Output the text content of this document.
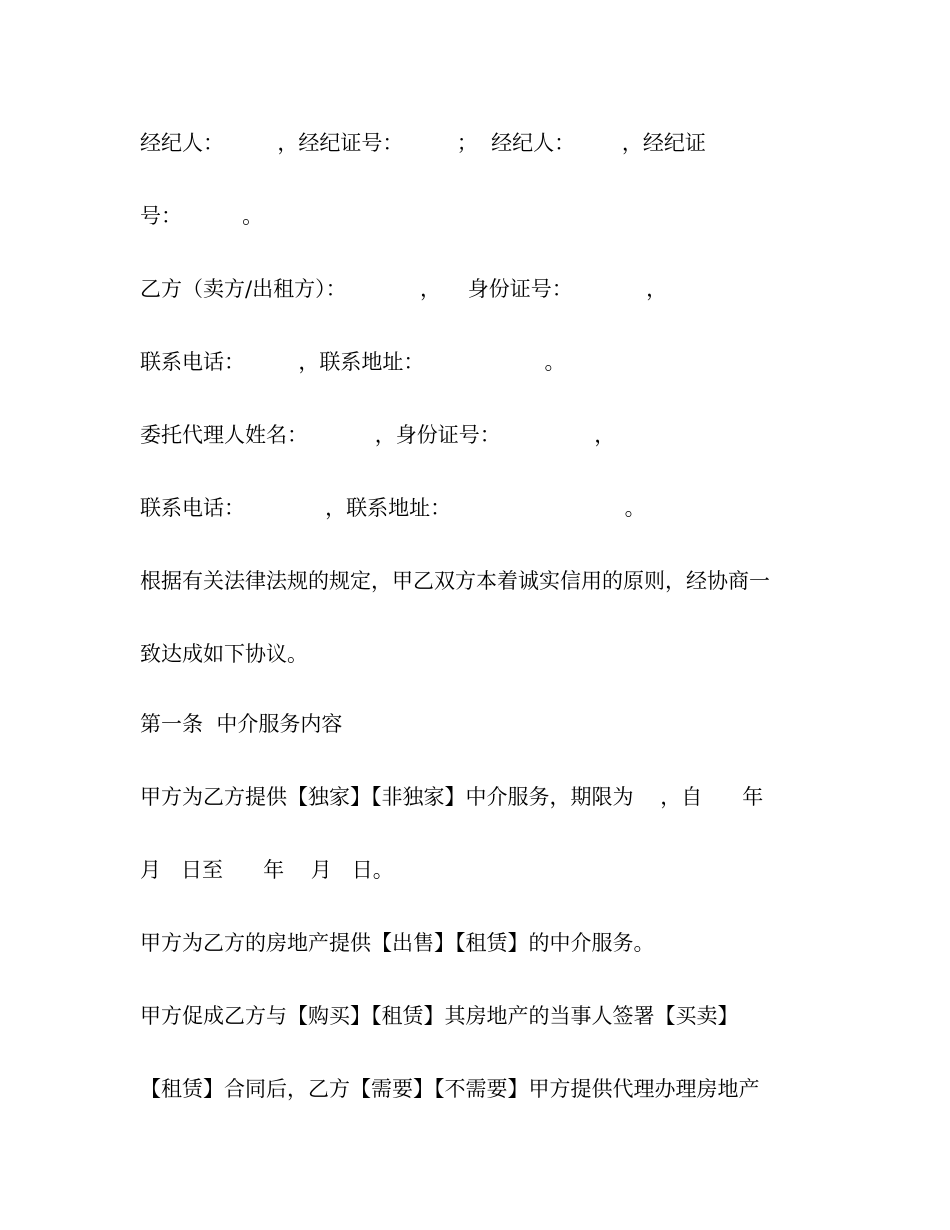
经纪人：        ，经纪证号：        ；  经纪人：       ，经纪证
号：         。
乙方（卖方/出租方）：           ，    身份证号：           ，
联系电话：        ，联系地址：                  。
委托代理人姓名：          ，身份证号：              ，
联系电话：            ，联系地址：                          。
根据有关法律法规的规定，甲乙双方本着诚实信用的原则，经协商一
致达成如下协议。
第一条  中介服务内容
甲方为乙方提供【独家】【非独家】中介服务，期限为    ，自      年
月   日至      年    月   日。
甲方为乙方的房地产提供【出售】【租赁】的中介服务。
甲方促成乙方与【购买】【租赁】其房地产的当事人签署【买卖】
【租赁】合同后，乙方【需要】【不需要】甲方提供代理办理房地产
